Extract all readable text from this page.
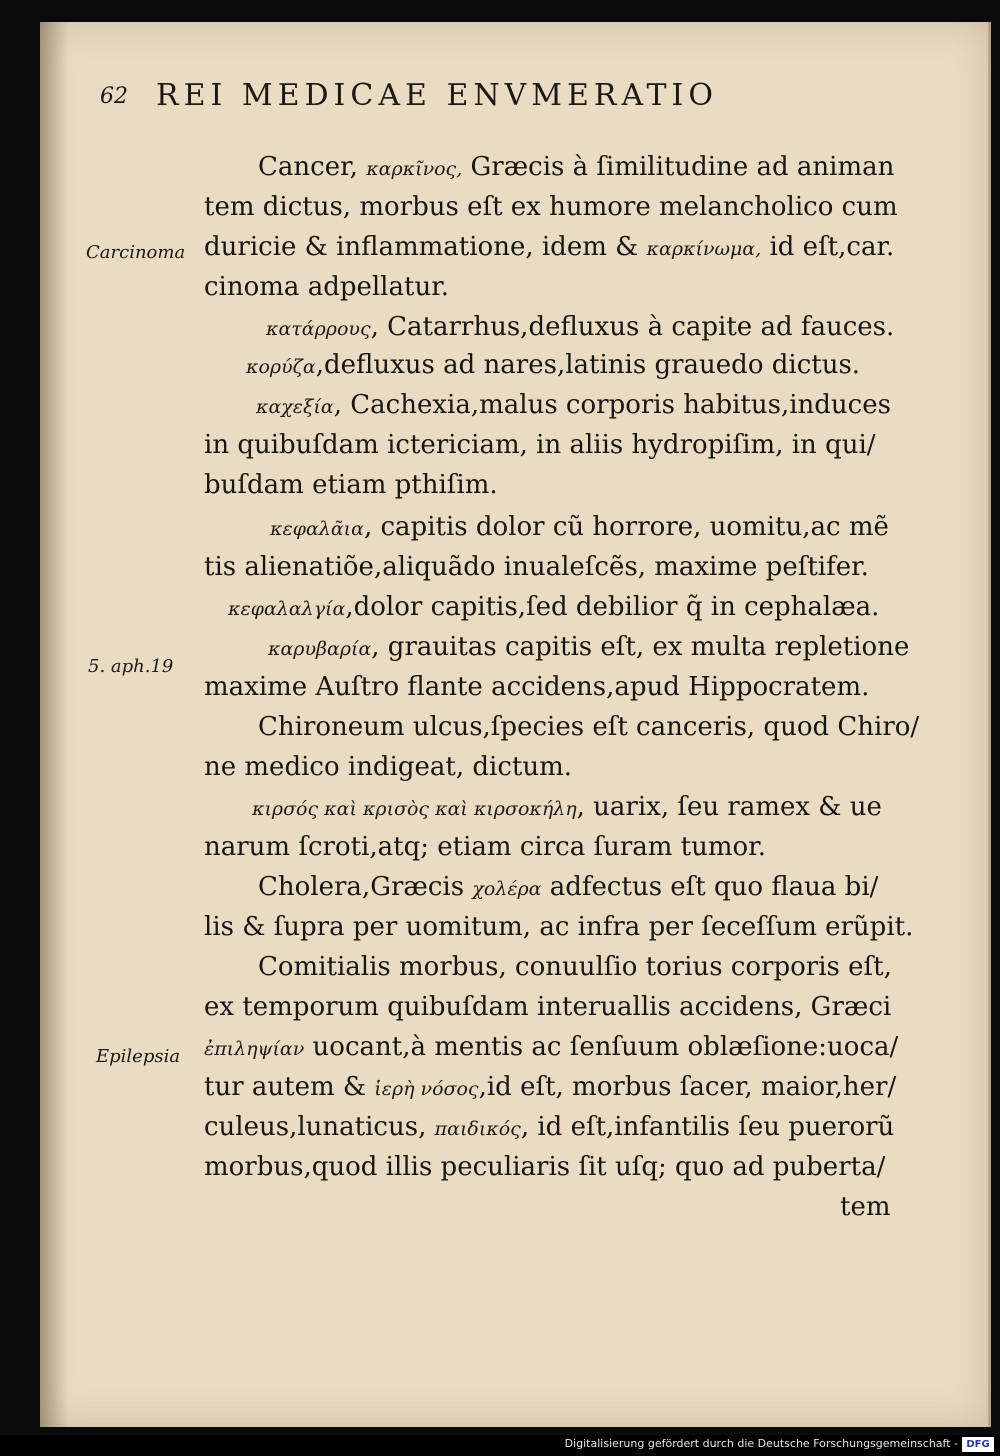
62 REI MEDICAE ENVMERATIO
Carcinoma
5. aph.19
Epilepsia
Cancer, καρκῖνος, Græcis à ſimilitudine ad animan
tem dictus, morbus eſt ex humore melancholico cum
duricie & inflammatione, idem & καρκίνωμα, id eſt,car.
cinoma adpellatur.
κατάρρους, Catarrhus,defluxus à capite ad fauces.
κορύζα,defluxus ad nares,latinis grauedo dictus.
καχεξία, Cachexia,malus corporis habitus,induces
in quibuſdam ictericiam, in aliis hydropiſim, in qui/
buſdam etiam pthiſim.
κεφαλᾶια, capitis dolor cũ horrore, uomitu,ac mẽ
tis alienatiõe,aliquãdo inualeſcẽs, maxime peſtifer.
κεφαλαλγία,dolor capitis,ſed debilior q̃ in cephalæa.
καρυβαρία, grauitas capitis eſt, ex multa repletione
maxime Auſtro flante accidens,apud Hippocratem.
Chironeum ulcus,ſpecies eſt canceris, quod Chiro/
ne medico indigeat, dictum.
κιρσός καὶ κρισὸς καὶ κιρσοκήλη, uarix, ſeu ramex & ue
narum ſcroti,atq; etiam circa ſuram tumor.
Cholera,Græcis χολέρα adfectus eſt quo flaua bi/
lis & ſupra per uomitum, ac infra per ſeceſſum erũpit.
Comitialis morbus, conuulſio torius corporis eſt,
ex temporum quibuſdam interuallis accidens, Græci
ἐπιληψίαν uocant,à mentis ac ſenſuum oblæſione:uoca/
tur autem & ἱερὴ νόσος,id eſt, morbus ſacer, maior,her/
culeus,lunaticus, παιδικός, id eſt,infantilis ſeu puerorũ
morbus,quod illis peculiaris ſit uſq; quo ad puberta/
tem
Digitalisierung gefördert durch die Deutsche Forschungsgemeinschaft - DFG
